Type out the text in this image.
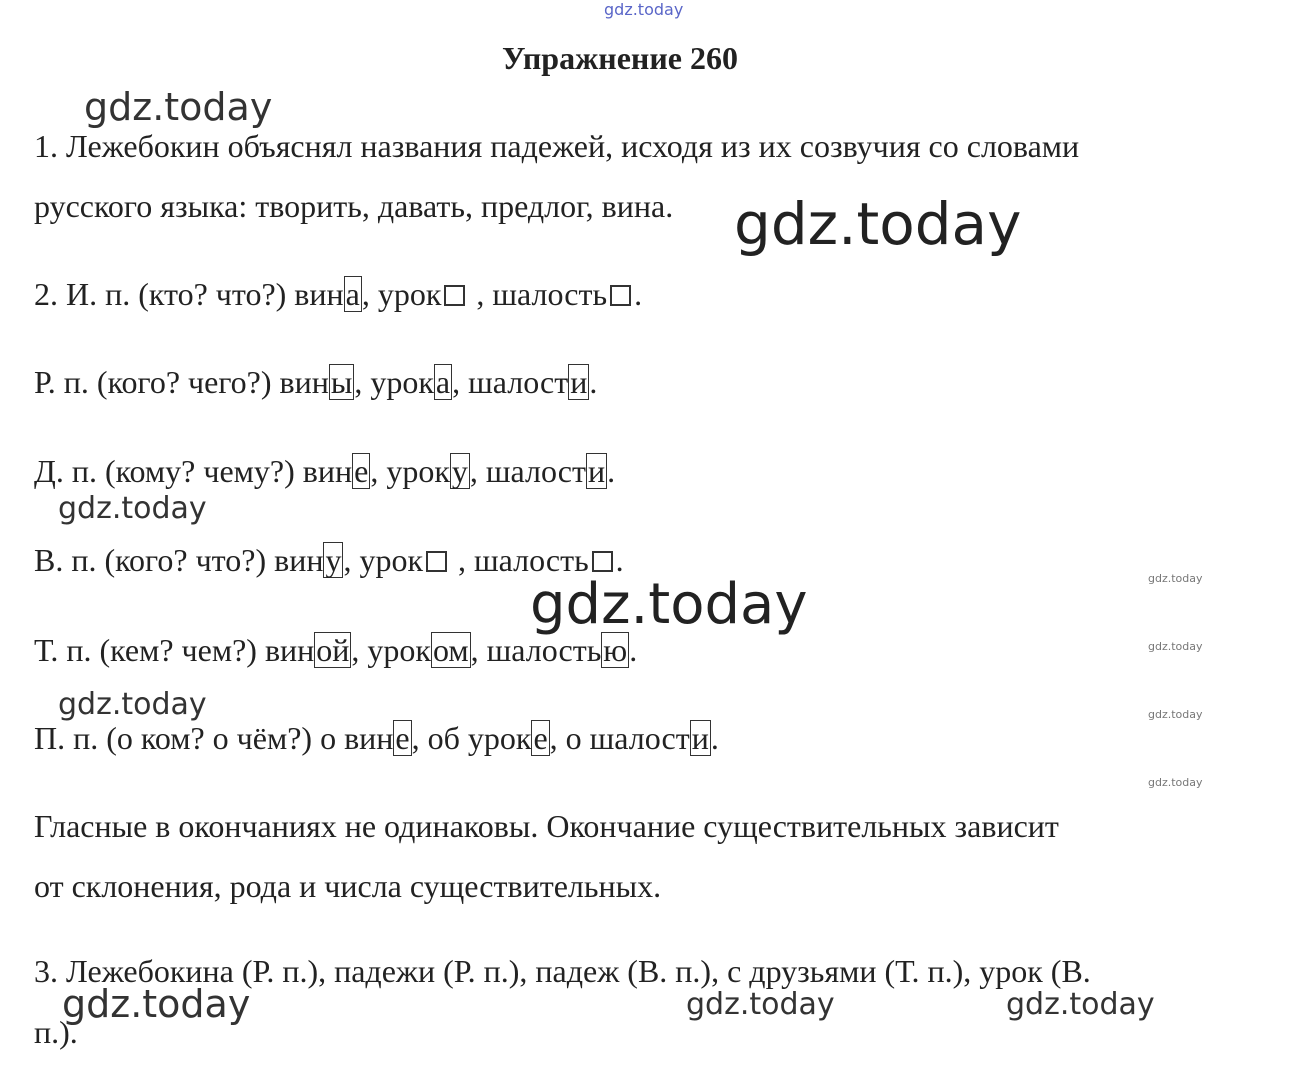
gdz.today
Упражнение 260
gdz.today
1. Лежебокин объяснял названия падежей, исходя из их созвучия со словами
русского языка: творить, давать, предлог, вина. gdz.today
2. И. п. (кто? что?) вина, урок , шалость .
Р. п. (кого? чего?) вины, урока, шалости.
Д. п. (кому? чему?) вине, уроку, шалости.
gdz.today
В. п. (кого? что?) вину, урок , шалость .
gdz.today
gdz.today
Т. п. (кем? чем?) виной, уроком, шалостью.	gdz.today
gdz.today	gdz.today
П. п. (о ком? о чём?) о вине, об уроке, о шалости.
gdz.today
Гласные в окончаниях не одинаковы. Окончание существительных зависит
от склонения, рода и числа существительных.
3. Лежебокина (Р. п.), падежи (Р. п.), падеж (В. п.), с друзьями (Т. п.), урок (В.
gdz.today	gdz.today	gdz.today
п.).
